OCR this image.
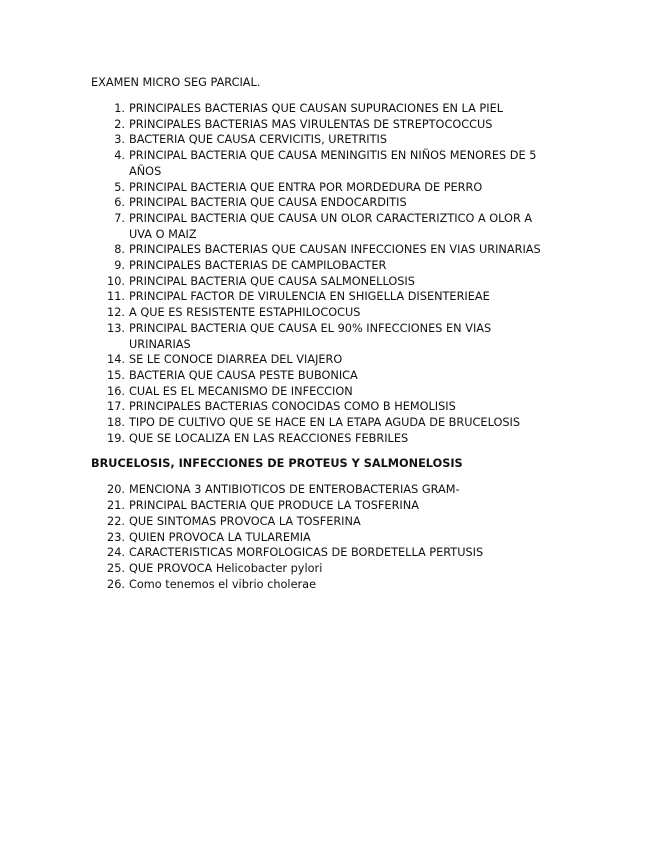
EXAMEN MICRO SEG PARCIAL.
1. PRINCIPALES BACTERIAS QUE CAUSAN SUPURACIONES EN LA PIEL
2. PRINCIPALES BACTERIAS MAS VIRULENTAS DE STREPTOCOCCUS
3. BACTERIA QUE CAUSA CERVICITIS, URETRITIS
4. PRINCIPAL BACTERIA QUE CAUSA MENINGITIS EN NIÑOS MENORES DE 5
AÑOS
5. PRINCIPAL BACTERIA QUE ENTRA POR MORDEDURA DE PERRO
6. PRINCIPAL BACTERIA QUE CAUSA ENDOCARDITIS
7. PRINCIPAL BACTERIA QUE CAUSA UN OLOR CARACTERIZTICO A OLOR A
UVA O MAIZ
8. PRINCIPALES BACTERIAS QUE CAUSAN INFECCIONES EN VIAS URINARIAS
9. PRINCIPALES BACTERIAS DE CAMPILOBACTER
10. PRINCIPAL BACTERIA QUE CAUSA SALMONELLOSIS
11. PRINCIPAL FACTOR DE VIRULENCIA EN SHIGELLA DISENTERIEAE
12. A QUE ES RESISTENTE ESTAPHILOCOCUS
13. PRINCIPAL BACTERIA QUE CAUSA EL 90% INFECCIONES EN VIAS
URINARIAS
14. SE LE CONOCE DIARREA DEL VIAJERO
15. BACTERIA QUE CAUSA PESTE BUBONICA
16. CUAL ES EL MECANISMO DE INFECCION
17. PRINCIPALES BACTERIAS CONOCIDAS COMO B HEMOLISIS
18. TIPO DE CULTIVO QUE SE HACE EN LA ETAPA AGUDA DE BRUCELOSIS
19. QUE SE LOCALIZA EN LAS REACCIONES FEBRILES
BRUCELOSIS, INFECCIONES DE PROTEUS Y SALMONELOSIS
20. MENCIONA 3 ANTIBIOTICOS DE ENTEROBACTERIAS GRAM-
21. PRINCIPAL BACTERIA QUE PRODUCE LA TOSFERINA
22. QUE SINTOMAS PROVOCA LA TOSFERINA
23. QUIEN PROVOCA LA TULAREMIA
24. CARACTERISTICAS MORFOLOGICAS DE BORDETELLA PERTUSIS
25. QUE PROVOCA Helicobacter pylori
26. Como tenemos el vibrio cholerae
